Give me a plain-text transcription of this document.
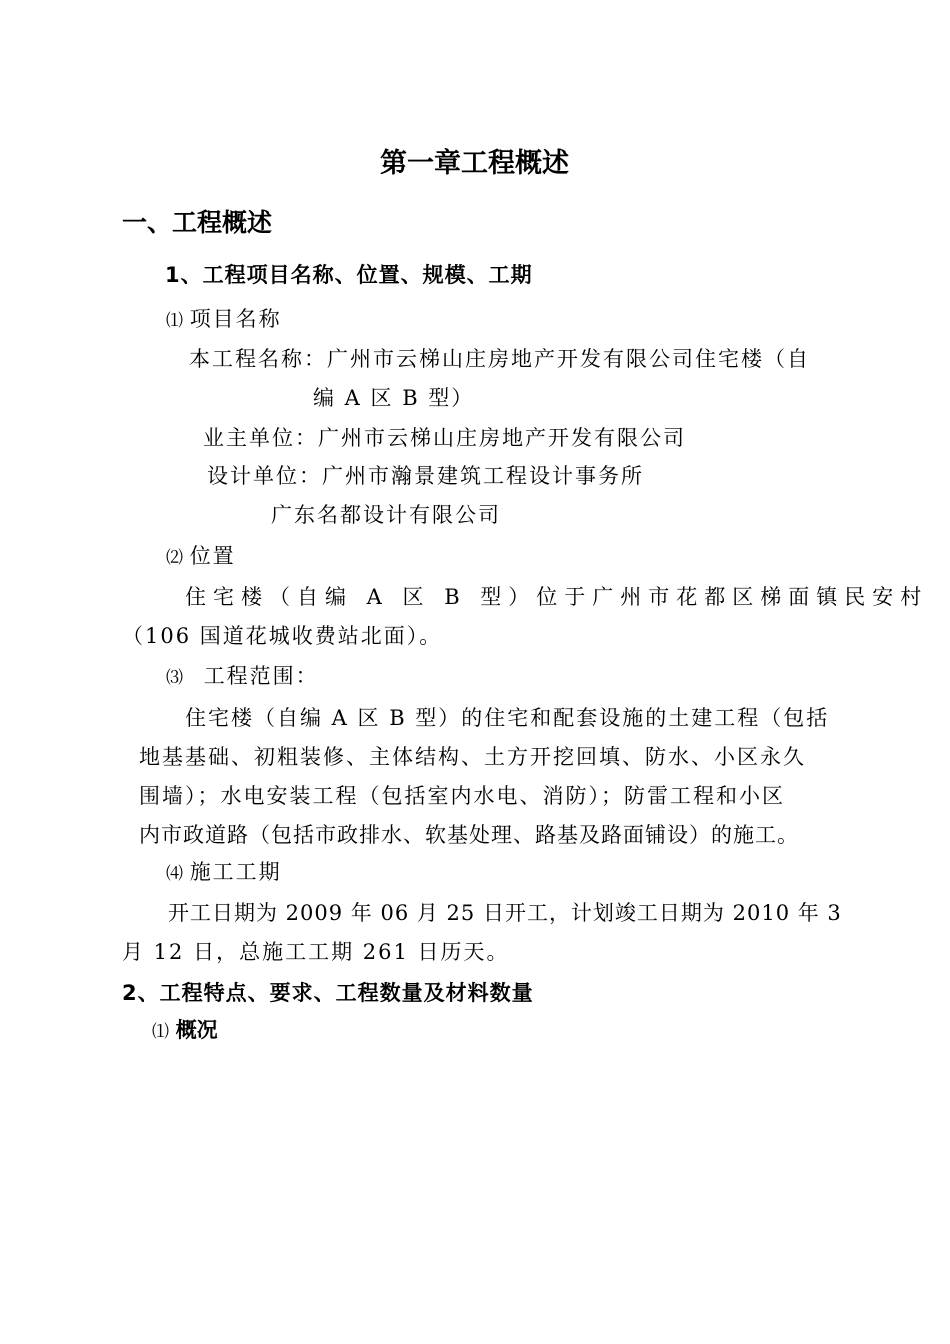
第一章工程概述
一、工程概述
1、工程项目名称、位置、规模、工期
⑴ 项目名称
本工程名称：广州市云梯山庄房地产开发有限公司住宅楼（自
编 A 区 B 型）
业主单位：广州市云梯山庄房地产开发有限公司
设计单位：广州市瀚景建筑工程设计事务所
广东名都设计有限公司
⑵ 位置
住宅楼（自编 A 区 B 型）位于广州市花都区梯面镇民安村
（106 国道花城收费站北面）。
⑶ 工程范围：
住宅楼（自编 A 区 B 型）的住宅和配套设施的土建工程（包括
地基基础、初粗装修、主体结构、土方开挖回填、防水、小区永久
围墙）；水电安装工程（包括室内水电、消防）；防雷工程和小区
内市政道路（包括市政排水、软基处理、路基及路面铺设）的施工。
⑷ 施工工期
开工日期为 2009 年 06 月 25 日开工，计划竣工日期为 2010 年 3
月 12 日，总施工工期 261 日历天。
2、工程特点、要求、工程数量及材料数量
⑴ 概况
